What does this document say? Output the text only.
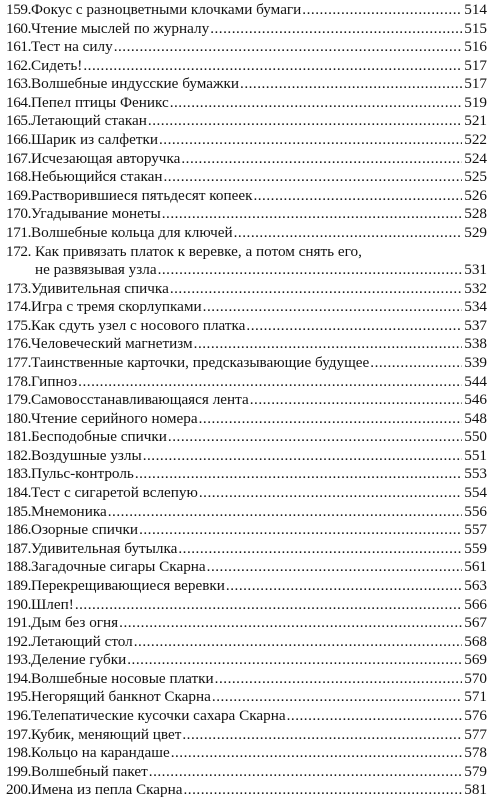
159. Фокус с разноцветными клочками бумаги .....	514
160. Чтение мыслей по журналу .....	515
161. Тест на силу .....	516
162. Сидеть! .....	517
163. Волшебные индусские бумажки .....	517
164. Пепел птицы Феникс .....	519
165. Летающий стакан .....	521
166. Шарик из салфетки .....	522
167. Исчезающая авторучка .....	524
168. Небьющийся стакан .....	525
169. Растворившиеся пятьдесят копеек .....	526
170. Угадывание монеты .....	528
171. Волшебные кольца для ключей .....	529
172. Как привязать платок к веревке, а потом снять его,
не развязывая узла .....	531
173. Удивительная спичка .....	532
174. Игра с тремя скорлупками .....	534
175. Как сдуть узел с носового платка .....	537
176. Человеческий магнетизм .....	538
177. Таинственные карточки, предсказывающие будущее .....	539
178. Гипноз .....	544
179. Самовосстанавливающаяся лента .....	546
180. Чтение серийного номера .....	548
181. Бесподобные спички .....	550
182. Воздушные узлы .....	551
183. Пульс-контроль .....	553
184. Тест с сигаретой вслепую .....	554
185. Мнемоника .....	556
186. Озорные спички .....	557
187. Удивительная бутылка .....	559
188. Загадочные сигары Скарна .....	561
189. Перекрещивающиеся веревки .....	563
190. Шлеп! .....	566
191. Дым без огня .....	567
192. Летающий стол .....	568
193. Деление губки .....	569
194. Волшебные носовые платки .....	570
195. Негорящий банкнот Скарна .....	571
196. Телепатические кусочки сахара Скарна .....	576
197. Кубик, меняющий цвет .....	577
198. Кольцо на карандаше .....	578
199. Волшебный пакет .....	579
200. Имена из пепла Скарна .....	581
